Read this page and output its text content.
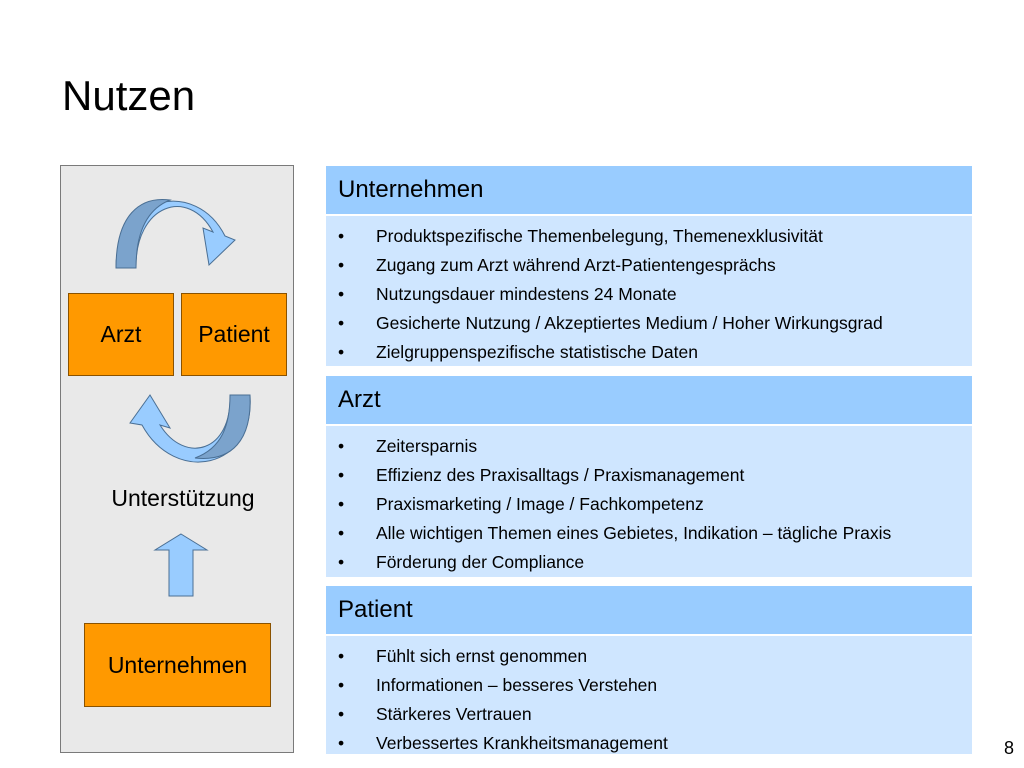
Nutzen
Arzt Patient
Unterstützung
Unternehmen
Unternehmen
• Produktspezifische Themenbelegung, Themenexklusivität
• Zugang zum Arzt während Arzt-Patientengesprächs
• Nutzungsdauer mindestens 24 Monate
• Gesicherte Nutzung / Akzeptiertes Medium / Hoher Wirkungsgrad
• Zielgruppenspezifische statistische Daten
Arzt
• Zeitersparnis
• Effizienz des Praxisalltags / Praxismanagement
• Praxismarketing / Image / Fachkompetenz
• Alle wichtigen Themen eines Gebietes, Indikation – tägliche Praxis
• Förderung der Compliance
Patient
• Fühlt sich ernst genommen
• Informationen – besseres Verstehen
• Stärkeres Vertrauen
• Verbessertes Krankheitsmanagement	8
